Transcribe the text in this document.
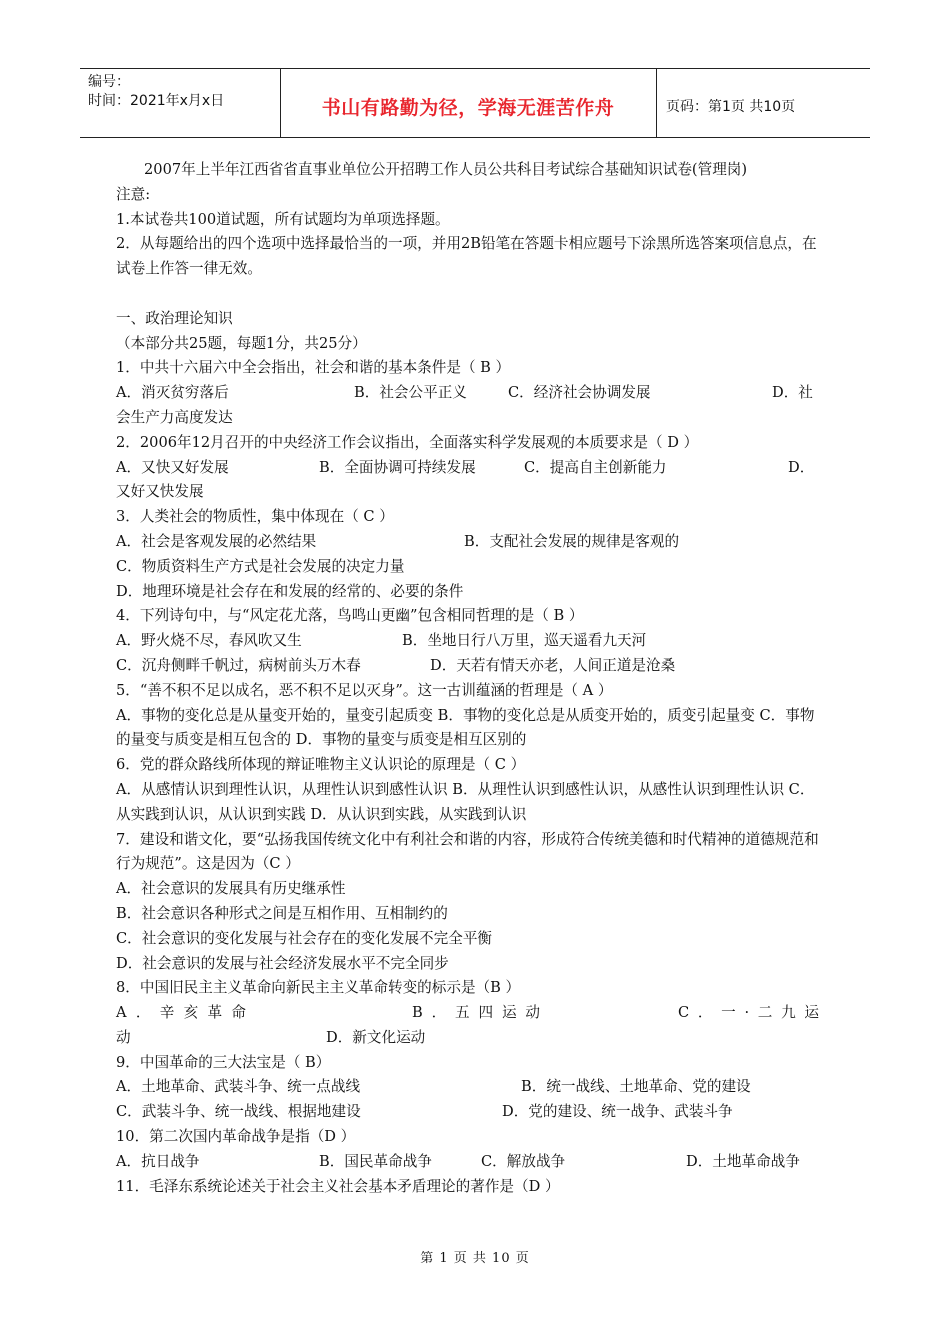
编号：
时间：2021年x月x日	书山有路勤为径，学海无涯苦作舟	页码：第1页 共10页

2007年上半年江西省省直事业单位公开招聘工作人员公共科目考试综合基础知识试卷(管理岗)

注意:

1.本试卷共100道试题，所有试题均为单项选择题。

2．从每题给出的四个选项中选择最恰当的一项，并用2B铅笔在答题卡相应题号下涂黑所选答案项信息点，在试卷上作答一律无效。

一、政治理论知识

（本部分共25题，每题1分，共25分）

1．中共十六届六中全会指出，社会和谐的基本条件是（ B ）

A．消灭贫穷落后	B．社会公平正义	C．经济社会协调发展	D．社

会生产力高度发达

2．2006年12月召开的中央经济工作会议指出，全面落实科学发展观的本质要求是（ D ）

A．又快又好发展	B．全面协调可持续发展	C．提高自主创新能力	D．

又好又快发展

3．人类社会的物质性，集中体现在（ C ）

A．社会是客观发展的必然结果	B．支配社会发展的规律是客观的

C．物质资料生产方式是社会发展的决定力量

D．地理环境是社会存在和发展的经常的、必要的条件

4．下列诗句中，与“风定花尤落，鸟鸣山更幽”包含相同哲理的是（ B ）

A．野火烧不尽，春风吹又生	B．坐地日行八万里，巡天遥看九天河
C．沉舟侧畔千帆过，病树前头万木春	D．天若有情天亦老，人间正道是沧桑

5．“善不积不足以成名，恶不积不足以灭身”。这一古训蕴涵的哲理是（ A ）

A．事物的变化总是从量变开始的，量变引起质变 B．事物的变化总是从质变开始的，质变引起量变 C．事物的量变与质变是相互包含的 D．事物的量变与质变是相互区别的

6．党的群众路线所体现的辩证唯物主义认识论的原理是（ C ）

A．从感情认识到理性认识，从理性认识到感性认识 B．从理性认识到感性认识，从感性认识到理性认识 C．从实践到认识，从认识到实践 D．从认识到实践，从实践到认识

7．建设和谐文化，要“弘扬我国传统文化中有利社会和谐的内容，形成符合传统美德和时代精神的道德规范和行为规范”。这是因为（C ）

A．社会意识的发展具有历史继承性

B．社会意识各种形式之间是互相作用、互相制约的

C．社会意识的变化发展与社会存在的变化发展不完全平衡

D．社会意识的发展与社会经济发展水平不完全同步

8．中国旧民主主义革命向新民主主义革命转变的标示是（B ）

A．辛亥革命	B．五四运动	C．一·二九运
动	D．新文化运动

9．中国革命的三大法宝是（ B）

A．土地革命、武装斗争、统一点战线	B．统一战线、土地革命、党的建设
C．武装斗争、统一战线、根据地建设	D．党的建设、统一战争、武装斗争

10．第二次国内革命战争是指（D ）

A．抗日战争	B．国民革命战争	C．解放战争	D．土地革命战争

11．毛泽东系统论述关于社会主义社会基本矛盾理论的著作是（D ）

第 1 页 共 10 页
